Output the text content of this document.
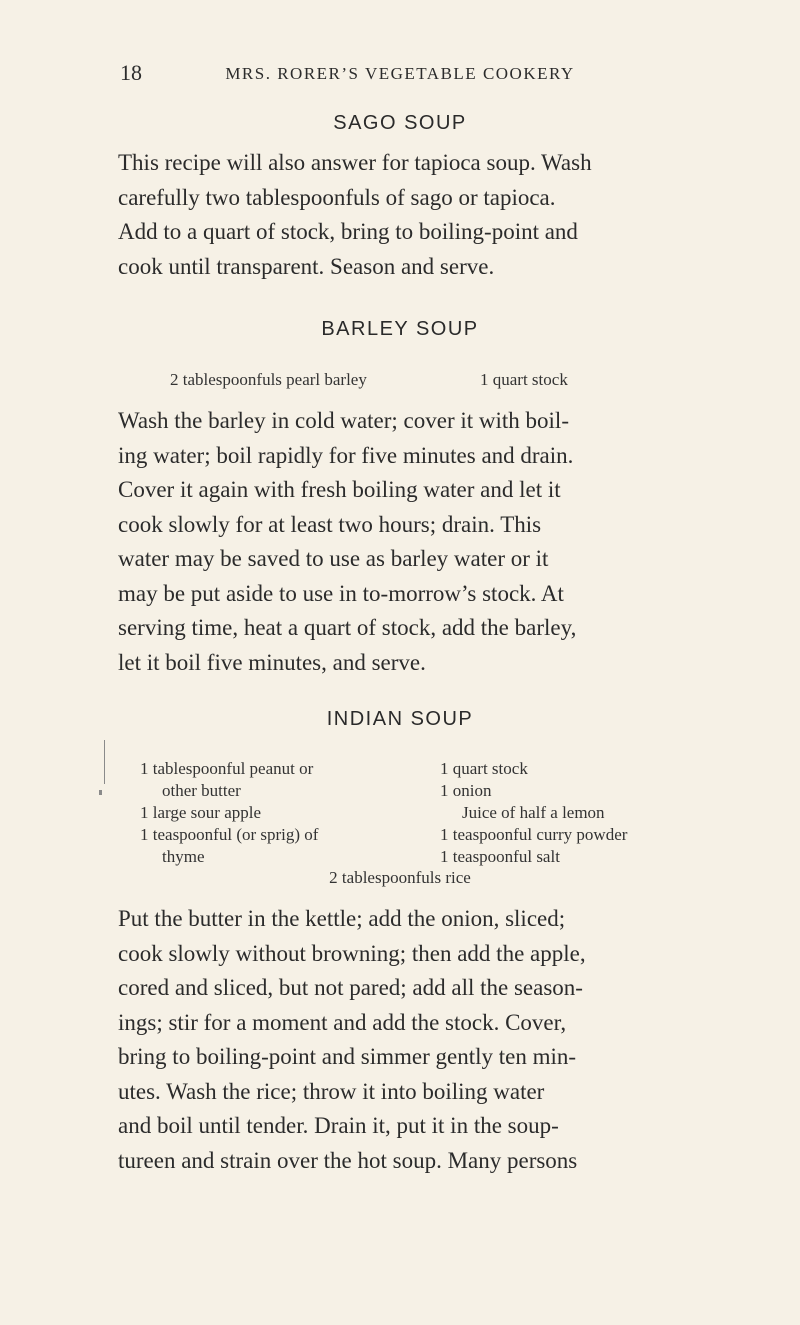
18	MRS. RORER’S VEGETABLE COOKERY
SAGO SOUP
This recipe will also answer for tapioca soup. Wash
carefully two tablespoonfuls of sago or tapioca.
Add to a quart of stock, bring to boiling-point and
cook until transparent. Season and serve.
BARLEY SOUP
2 tablespoonfuls pearl barley	1 quart stock
Wash the barley in cold water; cover it with boil-
ing water; boil rapidly for five minutes and drain.
Cover it again with fresh boiling water and let it
cook slowly for at least two hours; drain. This
water may be saved to use as barley water or it
may be put aside to use in to-morrow’s stock. At
serving time, heat a quart of stock, add the barley,
let it boil five minutes, and serve.
INDIAN SOUP
1 tablespoonful peanut or
other butter
1 large sour apple
1 teaspoonful (or sprig) of
thyme
1 quart stock
1 onion
Juice of half a lemon
1 teaspoonful curry powder
1 teaspoonful salt
2 tablespoonfuls rice
Put the butter in the kettle; add the onion, sliced;
cook slowly without browning; then add the apple,
cored and sliced, but not pared; add all the season-
ings; stir for a moment and add the stock. Cover,
bring to boiling-point and simmer gently ten min-
utes. Wash the rice; throw it into boiling water
and boil until tender. Drain it, put it in the soup-
tureen and strain over the hot soup. Many persons
